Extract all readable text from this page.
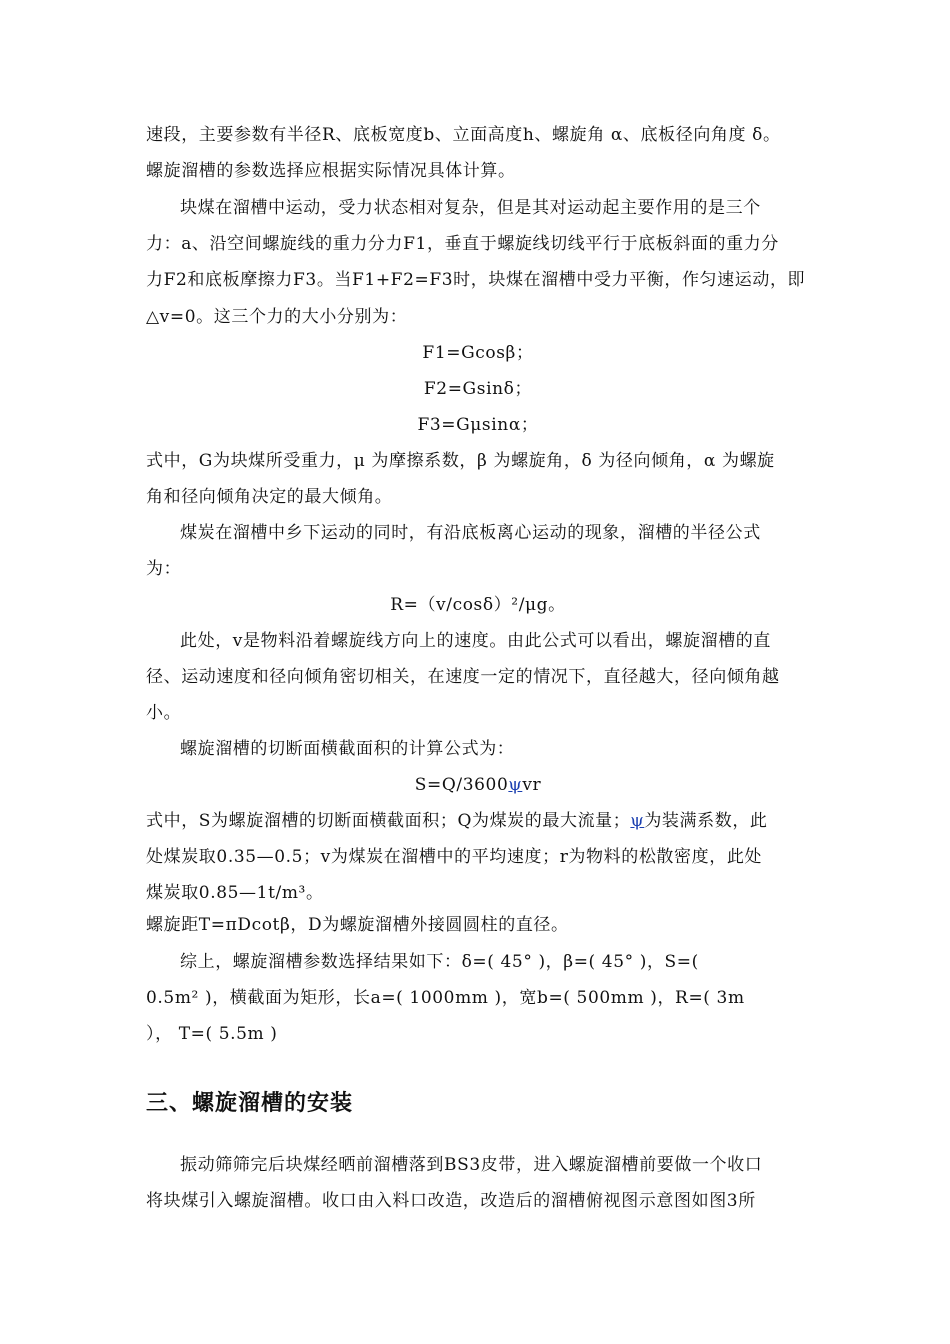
速段，主要参数有半径R、底板宽度b、立面高度h、螺旋角 α、底板径向角度 δ。
螺旋溜槽的参数选择应根据实际情况具体计算。
块煤在溜槽中运动，受力状态相对复杂，但是其对运动起主要作用的是三个
力：a、沿空间螺旋线的重力分力F1，垂直于螺旋线切线平行于底板斜面的重力分
力F2和底板摩擦力F3。当F1+F2=F3时，块煤在溜槽中受力平衡，作匀速运动，即
△v=0。这三个力的大小分别为：
F1=Gcosβ；
F2=Gsinδ；
F3=Gμsinα；
式中，G为块煤所受重力，μ 为摩擦系数，β 为螺旋角，δ 为径向倾角，α 为螺旋
角和径向倾角决定的最大倾角。
煤炭在溜槽中乡下运动的同时，有沿底板离心运动的现象，溜槽的半径公式
为：
R=（v/cosδ）²/μg。
此处，v是物料沿着螺旋线方向上的速度。由此公式可以看出，螺旋溜槽的直
径、运动速度和径向倾角密切相关，在速度一定的情况下，直径越大，径向倾角越
小。
螺旋溜槽的切断面横截面积的计算公式为：
S=Q/3600ψvr
式中，S为螺旋溜槽的切断面横截面积；Q为煤炭的最大流量；ψ为装满系数，此
处煤炭取0.35—0.5；v为煤炭在溜槽中的平均速度；r为物料的松散密度，此处
煤炭取0.85—1t/m³。
螺旋距T=πDcotβ，D为螺旋溜槽外接圆圆柱的直径。
综上，螺旋溜槽参数选择结果如下：δ=( 45° )，β=( 45° )，S=(
0.5m² )，横截面为矩形，长a=( 1000mm )，宽b=( 500mm )，R=( 3m
）， T=( 5.5m )
三、螺旋溜槽的安装
振动筛筛完后块煤经晒前溜槽落到BS3皮带，进入螺旋溜槽前要做一个收口
将块煤引入螺旋溜槽。收口由入料口改造，改造后的溜槽俯视图示意图如图3所
